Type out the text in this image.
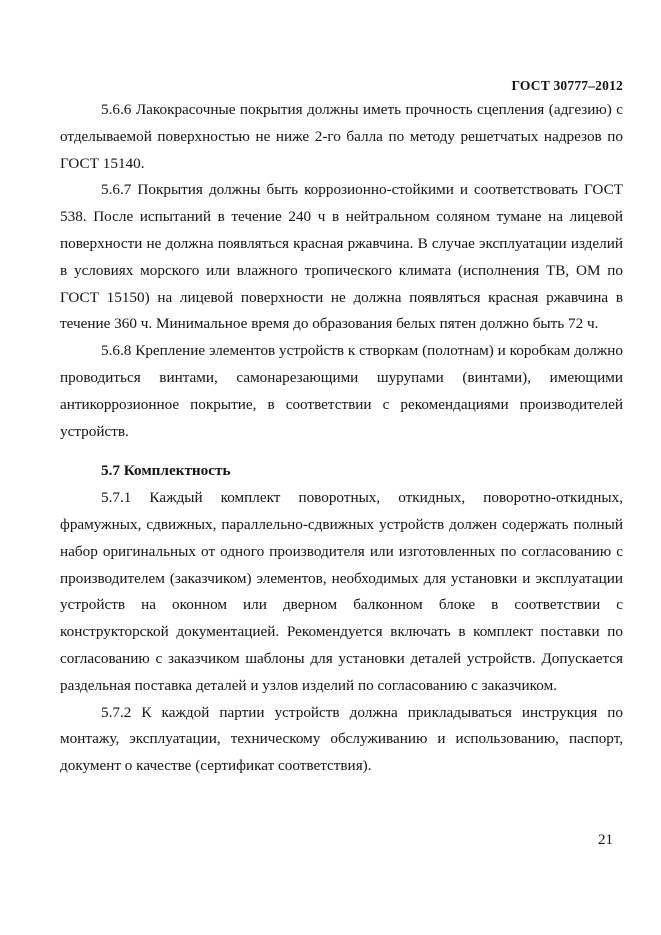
ГОСТ 30777–2012

5.6.6 Лакокрасочные покрытия должны иметь прочность сцепления (адгезию) с отделываемой поверхностью не ниже 2-го балла по методу решетчатых надрезов по ГОСТ 15140.

5.6.7 Покрытия должны быть коррозионно-стойкими и соответствовать ГОСТ 538. После испытаний в течение 240 ч в нейтральном соляном тумане на лицевой поверхности не должна появляться красная ржавчина. В случае эксплуатации изделий в условиях морского или влажного тропического климата (исполнения ТВ, ОМ по ГОСТ 15150) на лицевой поверхности не должна появляться красная ржавчина в течение 360 ч. Минимальное время до образования белых пятен должно быть 72 ч.

5.6.8 Крепление элементов устройств к створкам (полотнам) и коробкам должно проводиться винтами, самонарезающими шурупами (винтами), имеющими антикоррозионное покрытие, в соответствии с рекомендациями производителей устройств.

5.7 Комплектность

5.7.1 Каждый комплект поворотных, откидных, поворотно-откидных, фрамужных, сдвижных, параллельно-сдвижных устройств должен содержать полный набор оригинальных от одного производителя или изготовленных по согласованию с производителем (заказчиком) элементов, необходимых для установки и эксплуатации устройств на оконном или дверном балконном блоке в соответствии с конструкторской документацией. Рекомендуется включать в комплект поставки по согласованию с заказчиком шаблоны для установки деталей устройств. Допускается раздельная поставка деталей и узлов изделий по согласованию с заказчиком.

5.7.2 К каждой партии устройств должна прикладываться инструкция по монтажу, эксплуатации, техническому обслуживанию и использованию, паспорт, документ о качестве (сертификат соответствия).

21
